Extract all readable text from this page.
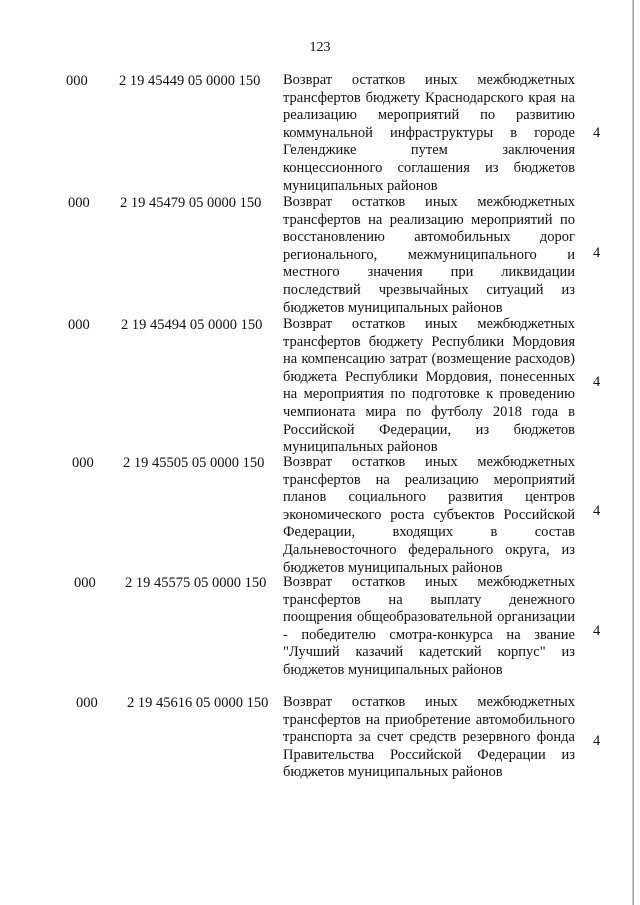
123
000 2 19 45449 05 0000 150 Возврат остатков иных межбюджетных трансфертов бюджету Краснодарского края на реализацию мероприятий по развитию коммунальной инфраструктуры в городе Геленджике путем заключения концессионного соглашения из бюджетов муниципальных районов
4
000 2 19 45479 05 0000 150 Возврат остатков иных межбюджетных трансфертов на реализацию мероприятий по восстановлению автомобильных дорог регионального, межмуниципального и местного значения при ликвидации последствий чрезвычайных ситуаций из бюджетов муниципальных районов
4
000 2 19 45494 05 0000 150 Возврат остатков иных межбюджетных трансфертов бюджету Республики Мордовия на компенсацию затрат (возмещение расходов) бюджета Республики Мордовия, понесенных на мероприятия по подготовке к проведению чемпионата мира по футболу 2018 года в Российской Федерации, из бюджетов муниципальных районов
4
000 2 19 45505 05 0000 150 Возврат остатков иных межбюджетных трансфертов на реализацию мероприятий планов социального развития центров экономического роста субъектов Российской Федерации, входящих в состав Дальневосточного федерального округа, из бюджетов муниципальных районов
4
000 2 19 45575 05 0000 150 Возврат остатков иных межбюджетных трансфертов на выплату денежного поощрения общеобразовательной организации - победителю смотра-конкурса на звание "Лучший казачий кадетский корпус" из бюджетов муниципальных районов
4
000 2 19 45616 05 0000 150 Возврат остатков иных межбюджетных трансфертов на приобретение автомобильного транспорта за счет средств резервного фонда Правительства Российской Федерации из бюджетов муниципальных районов
4
